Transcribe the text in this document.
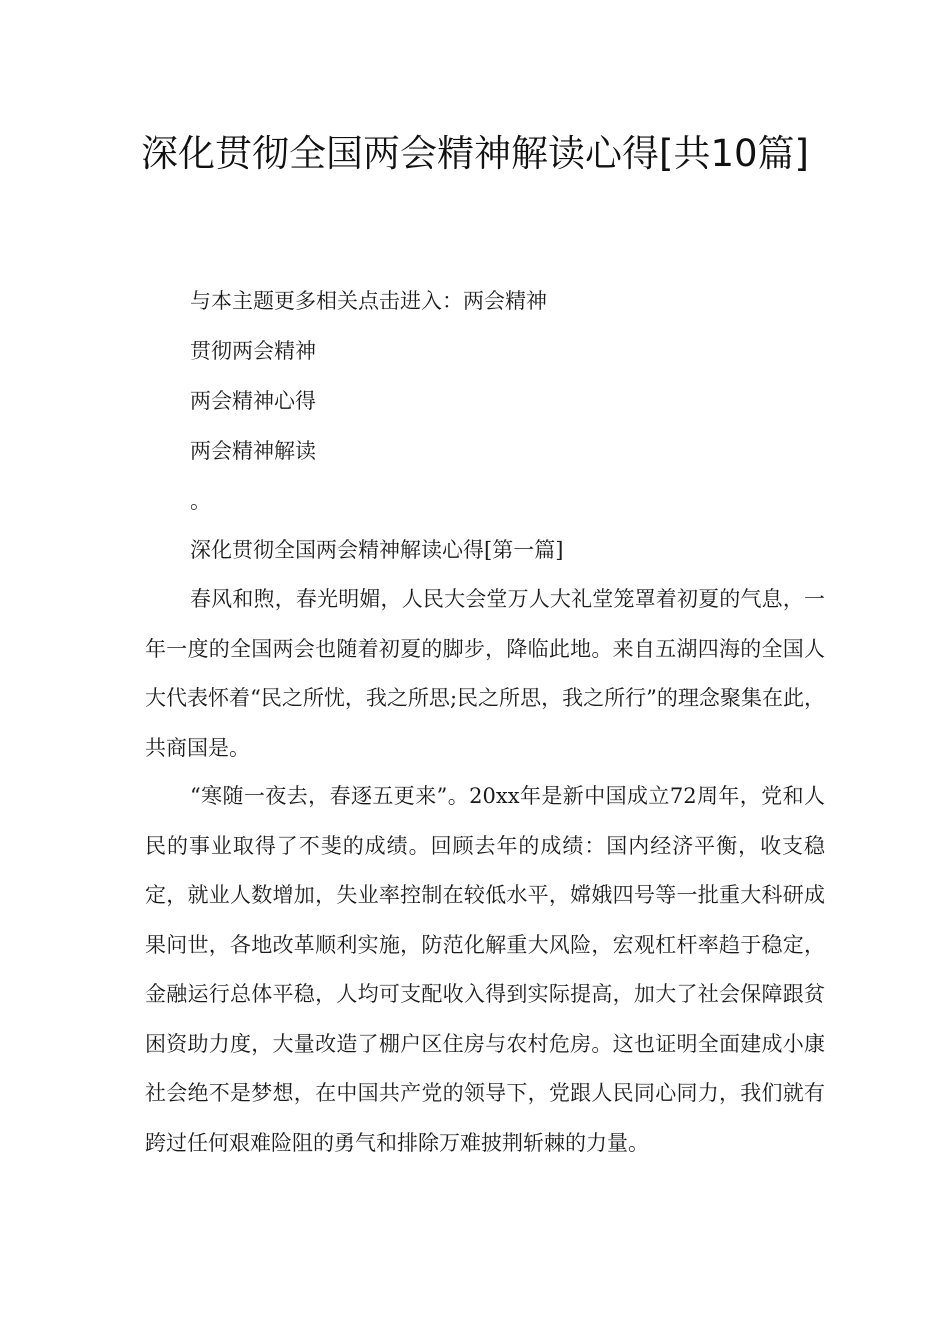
深化贯彻全国两会精神解读心得[共10篇]

与本主题更多相关点击进入：两会精神

贯彻两会精神

两会精神心得

两会精神解读

。

深化贯彻全国两会精神解读心得[第一篇]

春风和煦，春光明媚，人民大会堂万人大礼堂笼罩着初夏的气息，一年一度的全国两会也随着初夏的脚步，降临此地。来自五湖四海的全国人大代表怀着“民之所忧，我之所思;民之所思，我之所行”的理念聚集在此，共商国是。

“寒随一夜去，春逐五更来”。20xx年是新中国成立72周年，党和人民的事业取得了不斐的成绩。回顾去年的成绩：国内经济平衡，收支稳定，就业人数增加，失业率控制在较低水平，嫦娥四号等一批重大科研成果问世，各地改革顺利实施，防范化解重大风险，宏观杠杆率趋于稳定，金融运行总体平稳，人均可支配收入得到实际提高，加大了社会保障跟贫困资助力度，大量改造了棚户区住房与农村危房。这也证明全面建成小康社会绝不是梦想，在中国共产党的领导下，党跟人民同心同力，我们就有跨过任何艰难险阻的勇气和排除万难披荆斩棘的力量。
